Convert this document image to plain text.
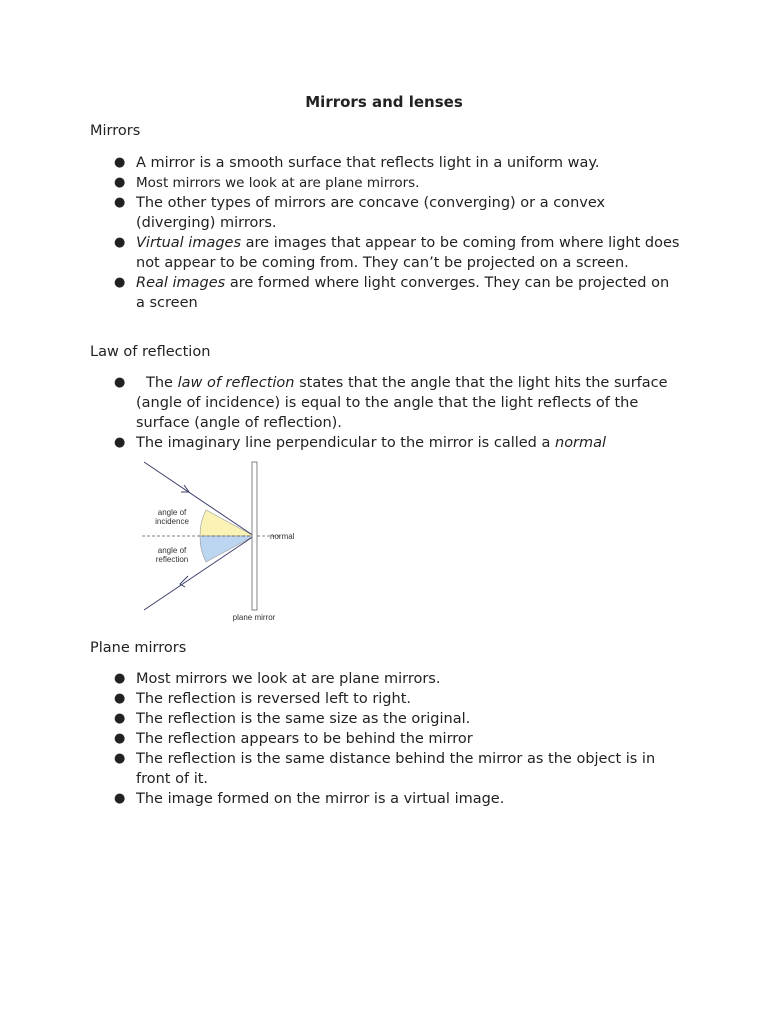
Mirrors and lenses
Mirrors
● A mirror is a smooth surface that reflects light in a uniform way.
● Most mirrors we look at are plane mirrors.
● The other types of mirrors are concave (converging) or a convex (diverging) mirrors.
● Virtual images are images that appear to be coming from where light does not appear to be coming from. They can’t be projected on a screen.
● Real images are formed where light converges. They can be projected on a screen
Law of reflection
● The law of reflection states that the angle that the light hits the surface (angle of incidence) is equal to the angle that the light reflects of the surface (angle of reflection).
● The imaginary line perpendicular to the mirror is called a normal
angle of
incidence
angle of
reflection
normal
plane mirror
Plane mirrors
● Most mirrors we look at are plane mirrors.
● The reflection is reversed left to right.
● The reflection is the same size as the original.
● The reflection appears to be behind the mirror
● The reflection is the same distance behind the mirror as the object is in front of it.
● The image formed on the mirror is a virtual image.
